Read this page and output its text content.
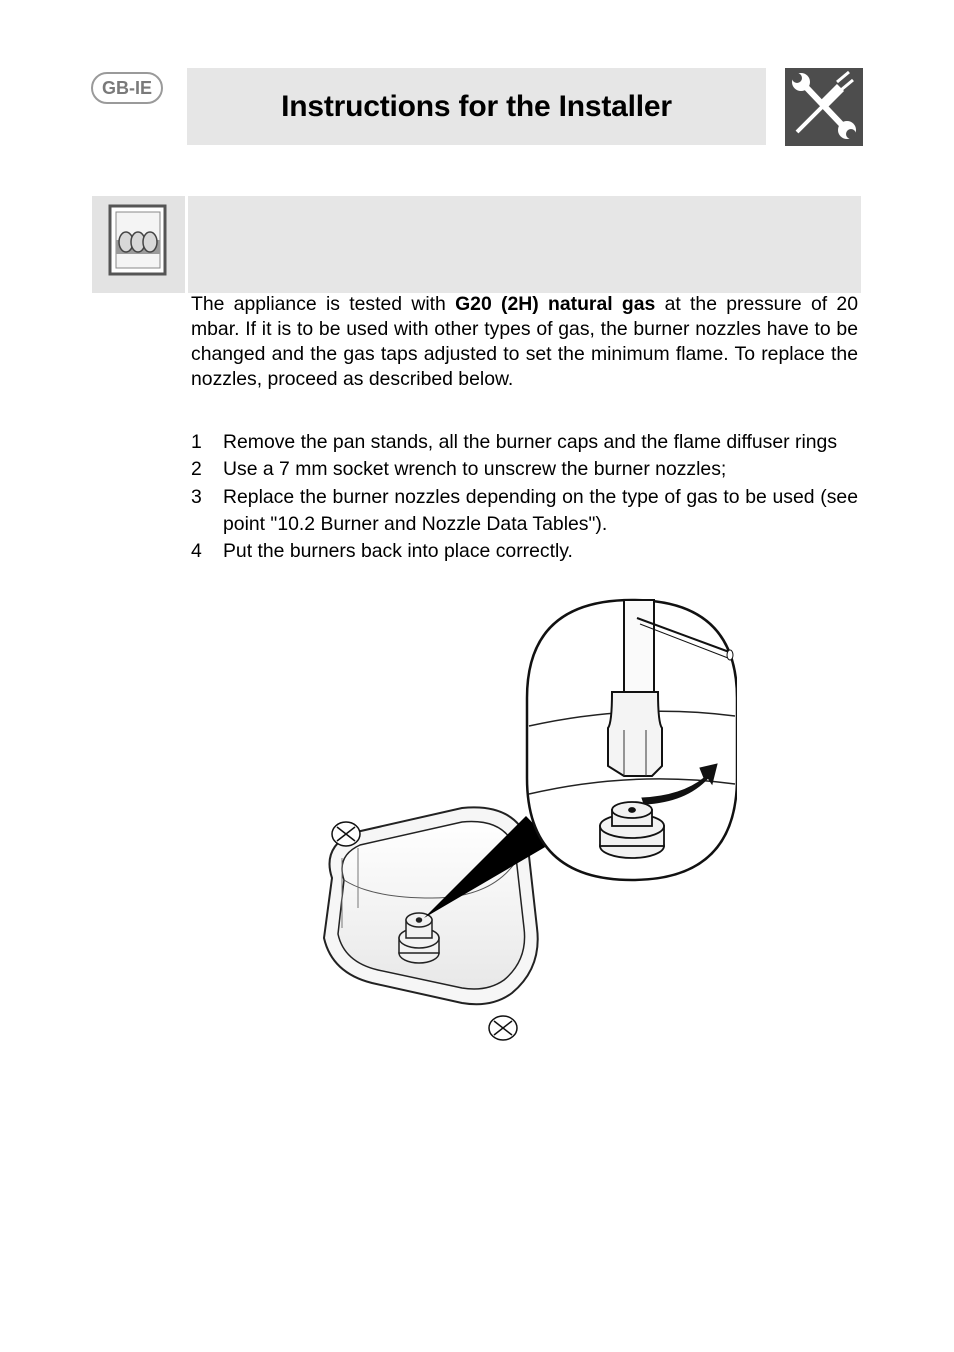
GB-IE
Instructions for the Installer
The appliance is tested with G20 (2H) natural gas at the pressure of 20 mbar. If it is to be used with other types of gas, the burner nozzles have to be changed and the gas taps adjusted to set the minimum flame. To replace the nozzles, proceed as described below.
1	Remove the pan stands, all the burner caps and the flame diffuser rings
2	Use a 7 mm socket wrench to unscrew the burner nozzles;
3	Replace the burner nozzles depending on the type of gas to be used (see point "10.2 Burner and Nozzle Data Tables").
4	Put the burners back into place correctly.
